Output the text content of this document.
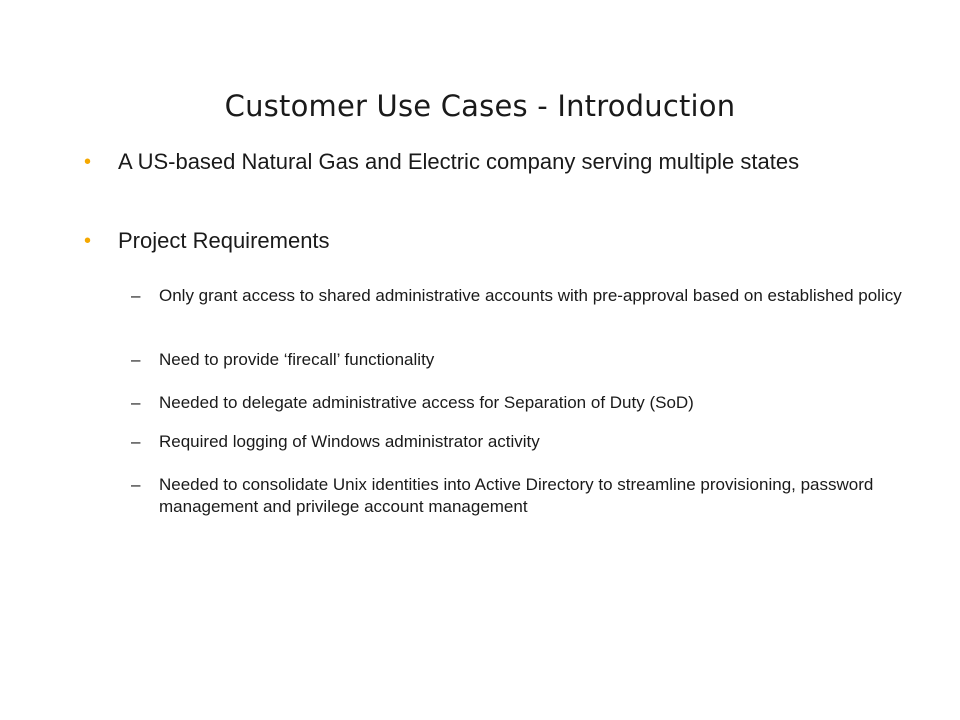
Customer Use Cases - Introduction
• A US-based Natural Gas and Electric company serving multiple states
• Project Requirements
– Only grant access to shared administrative accounts with pre-approval based on established policy
– Need to provide ‘firecall’ functionality
– Needed to delegate administrative access for Separation of Duty (SoD)
– Required logging of Windows administrator activity
– Needed to consolidate Unix identities into Active Directory to streamline provisioning, password management and privilege account management
